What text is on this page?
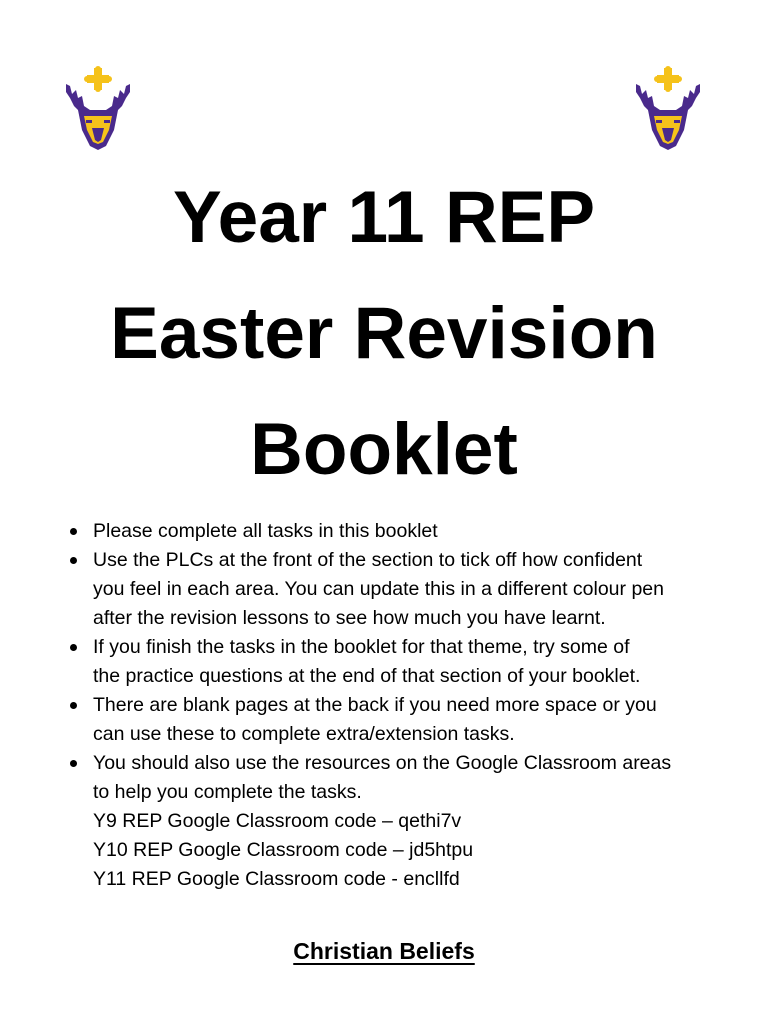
Year 11 REP
Easter Revision
Booklet
Please complete all tasks in this booklet
Use the PLCs at the front of the section to tick off how confident
you feel in each area. You can update this in a different colour pen
after the revision lessons to see how much you have learnt.
If you finish the tasks in the booklet for that theme, try some of
the practice questions at the end of that section of your booklet.
There are blank pages at the back if you need more space or you
can use these to complete extra/extension tasks.
You should also use the resources on the Google Classroom areas
to help you complete the tasks.
Y9 REP Google Classroom code – qethi7v
Y10 REP Google Classroom code – jd5htpu
Y11 REP Google Classroom code - encllfd
Christian Beliefs
